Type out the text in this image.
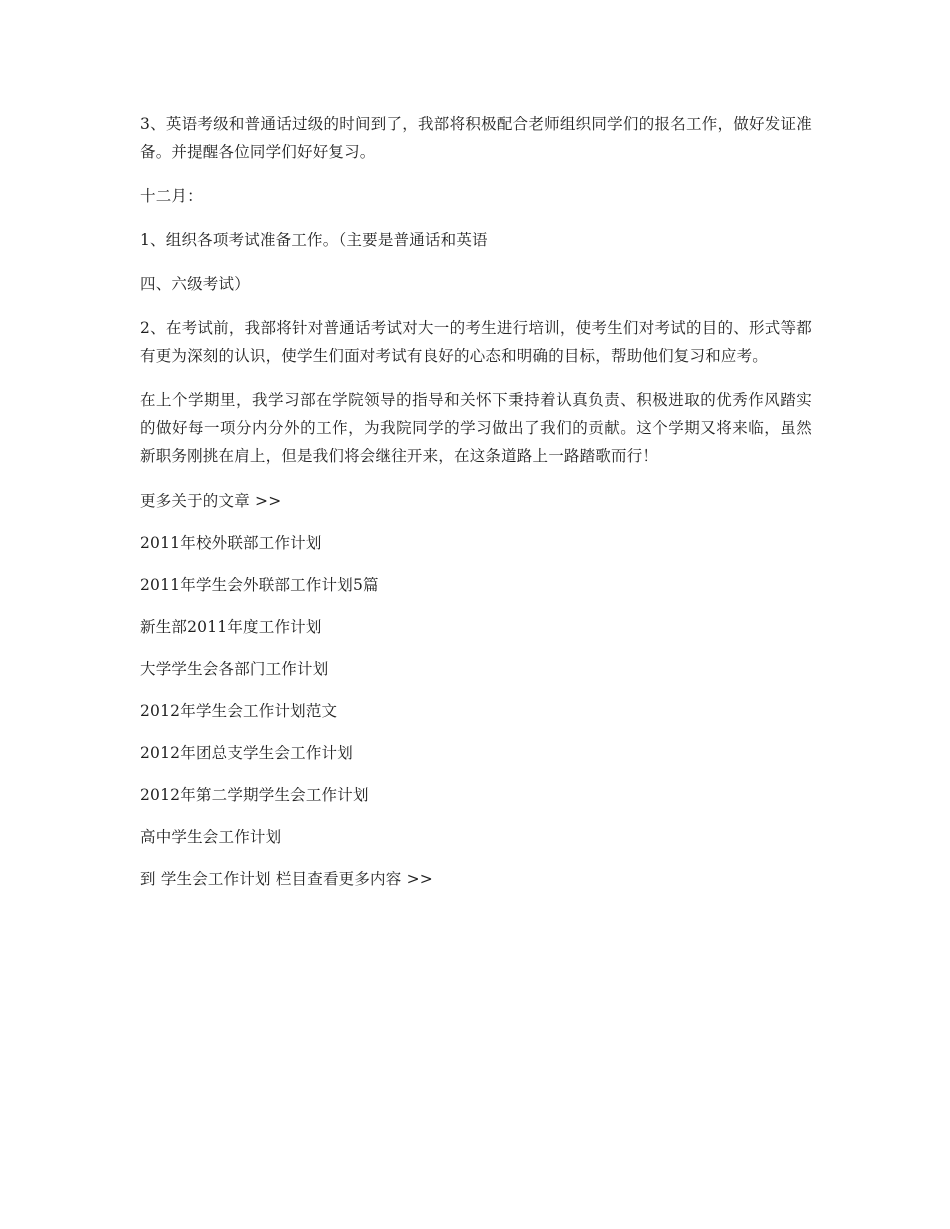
3、英语考级和普通话过级的时间到了，我部将积极配合老师组织同学们的报名工作，做好发证准备。并提醒各位同学们好好复习。

十二月：

1、组织各项考试准备工作。（主要是普通话和英语

四、六级考试）

2、在考试前，我部将针对普通话考试对大一的考生进行培训，使考生们对考试的目的、形式等都有更为深刻的认识，使学生们面对考试有良好的心态和明确的目标，帮助他们复习和应考。

在上个学期里，我学习部在学院领导的指导和关怀下秉持着认真负责、积极进取的优秀作风踏实的做好每一项分内分外的工作，为我院同学的学习做出了我们的贡献。这个学期又将来临，虽然新职务刚挑在肩上，但是我们将会继往开来，在这条道路上一路踏歌而行！

更多关于的文章 >>

2011年校外联部工作计划

2011年学生会外联部工作计划5篇

新生部2011年度工作计划

大学学生会各部门工作计划

2012年学生会工作计划范文

2012年团总支学生会工作计划

2012年第二学期学生会工作计划

高中学生会工作计划

到 学生会工作计划 栏目查看更多内容 >>
